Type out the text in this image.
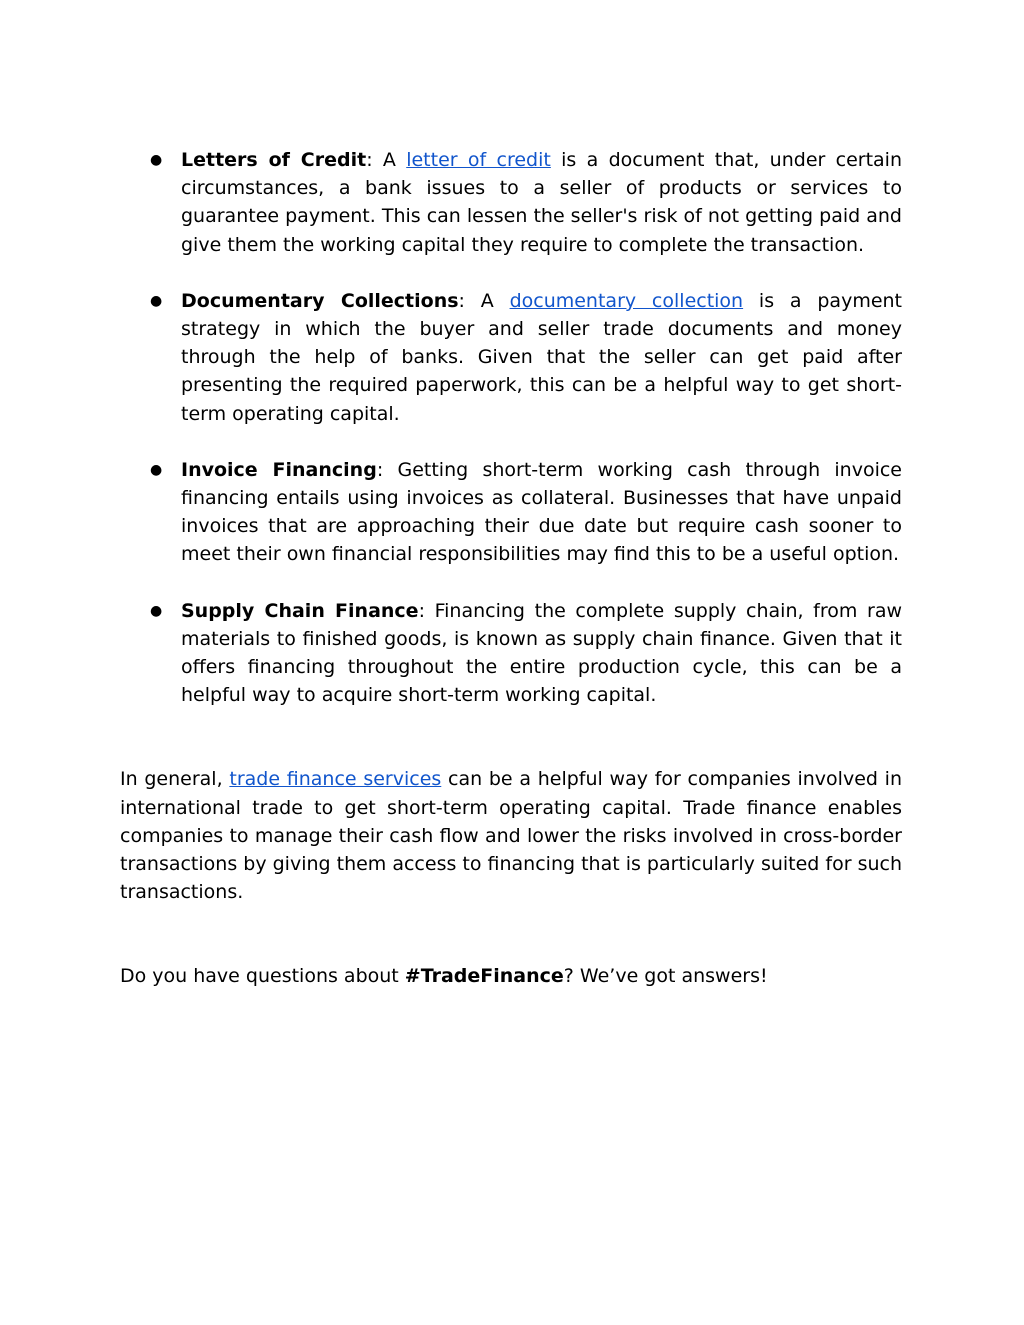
● Letters of Credit: A letter of credit is a document that, under certain circumstances, a bank issues to a seller of products or services to guarantee payment. This can lessen the seller's risk of not getting paid and give them the working capital they require to complete the transaction.
● Documentary Collections: A documentary collection is a payment strategy in which the buyer and seller trade documents and money through the help of banks. Given that the seller can get paid after presenting the required paperwork, this can be a helpful way to get short-term operating capital.
● Invoice Financing: Getting short-term working cash through invoice financing entails using invoices as collateral. Businesses that have unpaid invoices that are approaching their due date but require cash sooner to meet their own financial responsibilities may find this to be a useful option.
● Supply Chain Finance: Financing the complete supply chain, from raw materials to finished goods, is known as supply chain finance. Given that it offers financing throughout the entire production cycle, this can be a helpful way to acquire short-term working capital.

In general, trade finance services can be a helpful way for companies involved in international trade to get short-term operating capital. Trade finance enables companies to manage their cash flow and lower the risks involved in cross-border transactions by giving them access to financing that is particularly suited for such transactions.

Do you have questions about #TradeFinance? We’ve got answers!
